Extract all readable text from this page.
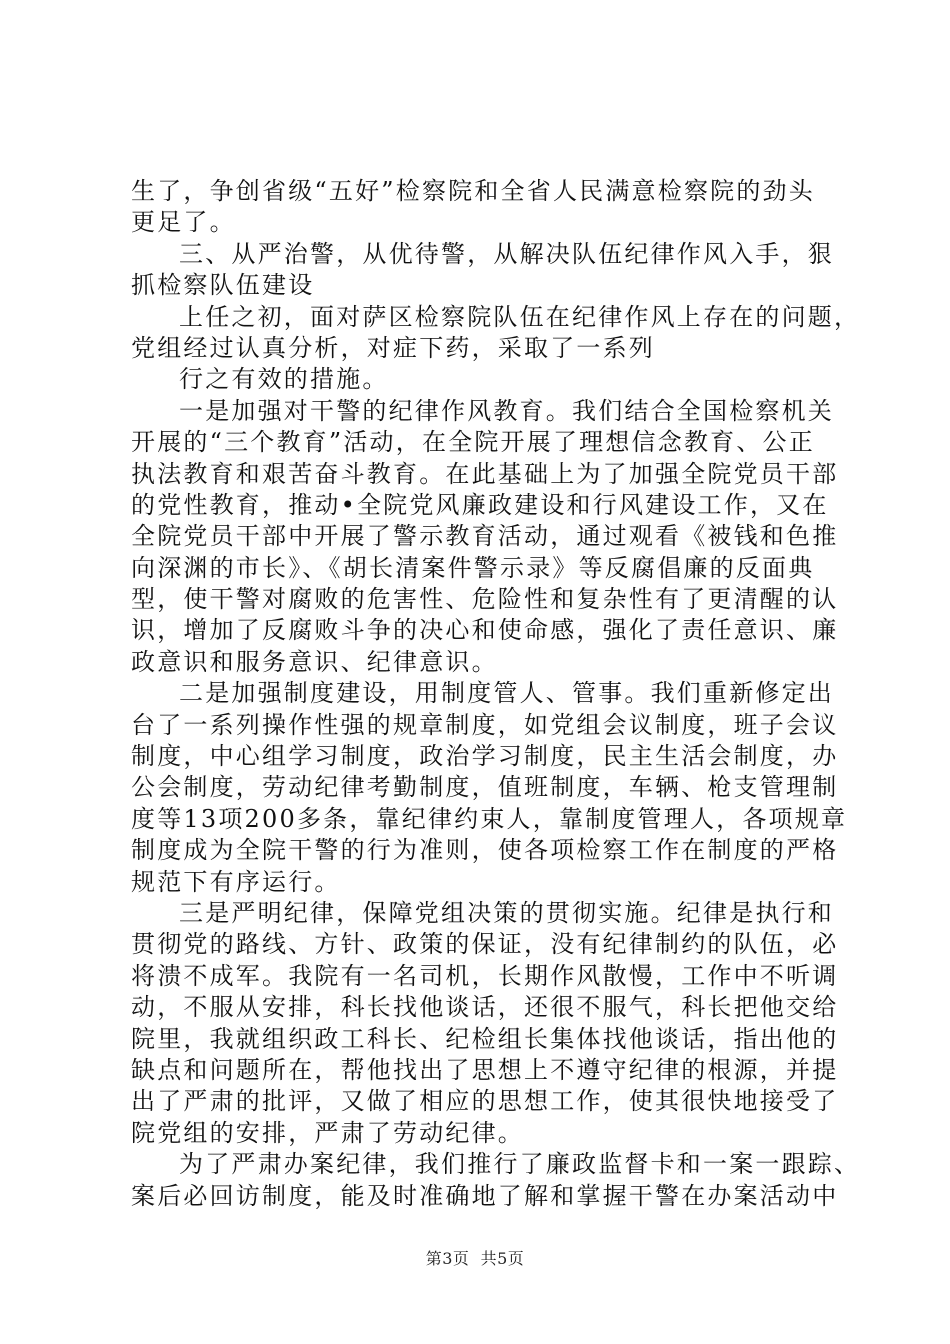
生了，争创省级“五好”检察院和全省人民满意检察院的劲头
更足了。
三、从严治警，从优待警，从解决队伍纪律作风入手，狠
抓检察队伍建设
上任之初，面对萨区检察院队伍在纪律作风上存在的问题，
党组经过认真分析，对症下药，采取了一系列
行之有效的措施。
一是加强对干警的纪律作风教育。我们结合全国检察机关
开展的“三个教育”活动，在全院开展了理想信念教育、公正
执法教育和艰苦奋斗教育。在此基础上为了加强全院党员干部
的党性教育，推动•全院党风廉政建设和行风建设工作，又在
全院党员干部中开展了警示教育活动，通过观看《被钱和色推
向深渊的市长》、《胡长清案件警示录》等反腐倡廉的反面典
型，使干警对腐败的危害性、危险性和复杂性有了更清醒的认
识，增加了反腐败斗争的决心和使命感，强化了责任意识、廉
政意识和服务意识、纪律意识。
二是加强制度建设，用制度管人、管事。我们重新修定出
台了一系列操作性强的规章制度，如党组会议制度，班子会议
制度，中心组学习制度，政治学习制度，民主生活会制度，办
公会制度，劳动纪律考勤制度，值班制度，车辆、枪支管理制
度等13项200多条，靠纪律约束人，靠制度管理人，各项规章
制度成为全院干警的行为准则，使各项检察工作在制度的严格
规范下有序运行。
三是严明纪律，保障党组决策的贯彻实施。纪律是执行和
贯彻党的路线、方针、政策的保证，没有纪律制约的队伍，必
将溃不成军。我院有一名司机，长期作风散慢，工作中不听调
动，不服从安排，科长找他谈话，还很不服气，科长把他交给
院里，我就组织政工科长、纪检组长集体找他谈话，指出他的
缺点和问题所在，帮他找出了思想上不遵守纪律的根源，并提
出了严肃的批评，又做了相应的思想工作，使其很快地接受了
院党组的安排，严肃了劳动纪律。
为了严肃办案纪律，我们推行了廉政监督卡和一案一跟踪、
案后必回访制度，能及时准确地了解和掌握干警在办案活动中
第3页  共5页
